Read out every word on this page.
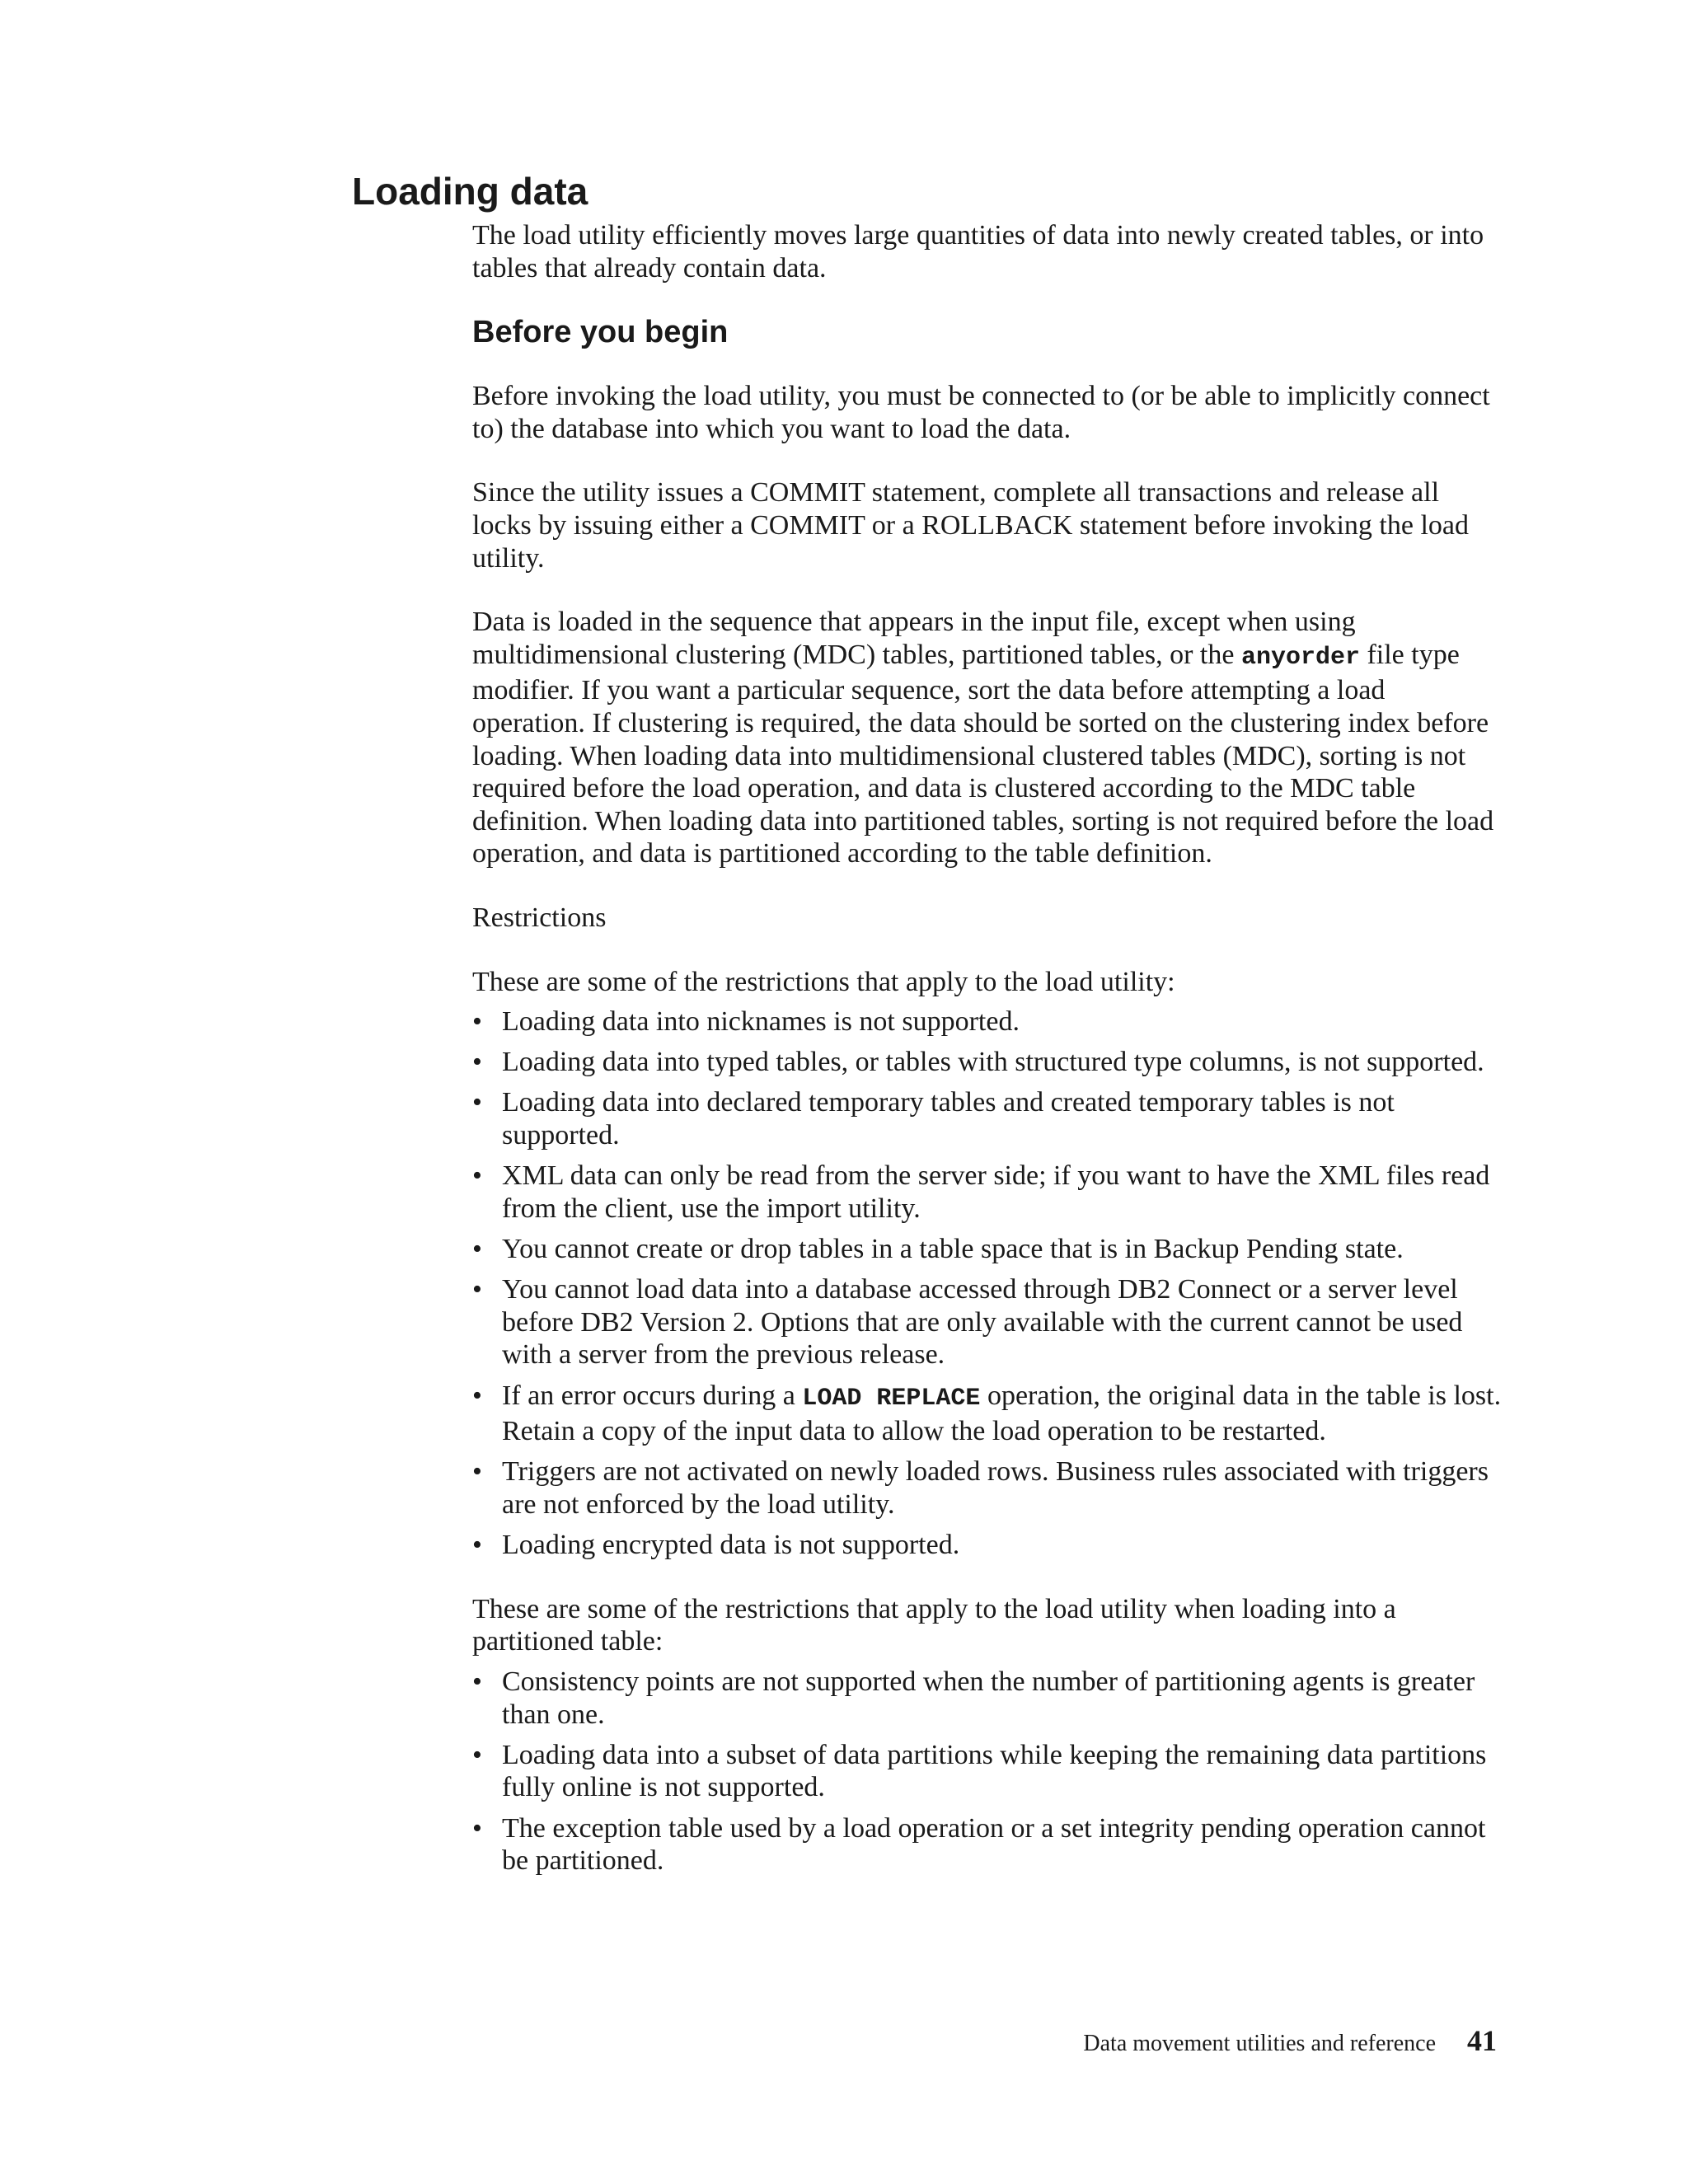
Loading data

The load utility efficiently moves large quantities of data into newly created tables, or into tables that already contain data.

Before you begin

Before invoking the load utility, you must be connected to (or be able to implicitly connect to) the database into which you want to load the data.

Since the utility issues a COMMIT statement, complete all transactions and release all locks by issuing either a COMMIT or a ROLLBACK statement before invoking the load utility.

Data is loaded in the sequence that appears in the input file, except when using multidimensional clustering (MDC) tables, partitioned tables, or the anyorder file type modifier. If you want a particular sequence, sort the data before attempting a load operation. If clustering is required, the data should be sorted on the clustering index before loading. When loading data into multidimensional clustered tables (MDC), sorting is not required before the load operation, and data is clustered according to the MDC table definition. When loading data into partitioned tables, sorting is not required before the load operation, and data is partitioned according to the table definition.

Restrictions

These are some of the restrictions that apply to the load utility:

• Loading data into nicknames is not supported.
• Loading data into typed tables, or tables with structured type columns, is not supported.
• Loading data into declared temporary tables and created temporary tables is not supported.
• XML data can only be read from the server side; if you want to have the XML files read from the client, use the import utility.
• You cannot create or drop tables in a table space that is in Backup Pending state.
• You cannot load data into a database accessed through DB2 Connect or a server level before DB2 Version 2. Options that are only available with the current cannot be used with a server from the previous release.
• If an error occurs during a LOAD REPLACE operation, the original data in the table is lost. Retain a copy of the input data to allow the load operation to be restarted.
• Triggers are not activated on newly loaded rows. Business rules associated with triggers are not enforced by the load utility.
• Loading encrypted data is not supported.

These are some of the restrictions that apply to the load utility when loading into a partitioned table:

• Consistency points are not supported when the number of partitioning agents is greater than one.
• Loading data into a subset of data partitions while keeping the remaining data partitions fully online is not supported.
• The exception table used by a load operation or a set integrity pending operation cannot be partitioned.
Data movement utilities and reference 41
